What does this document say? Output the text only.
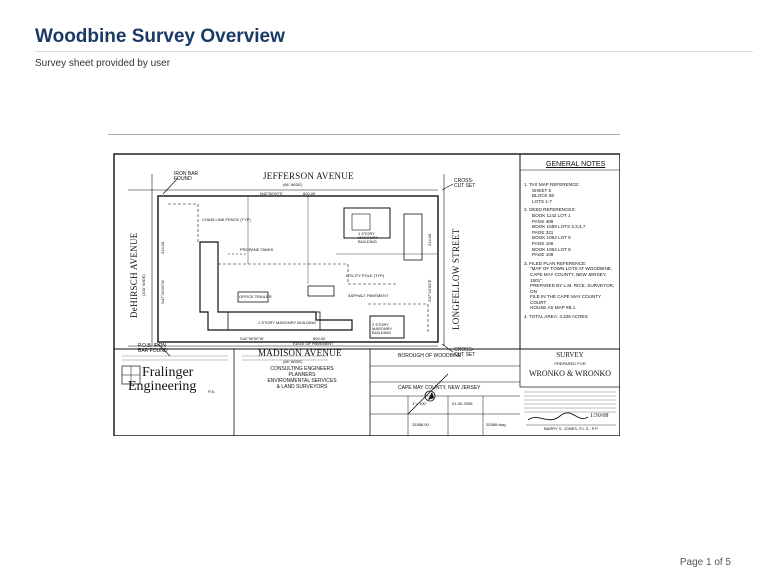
Woodbine Survey Overview
Survey sheet provided by user
JEFFERSON AVENUE
(66' WIDE)
MADISON AVENUE
(66' WIDE)
DeHIRSCH AVENUE (100' WIDE)	LONGFELLOW STREET
IRON BAR FOUND
P.O.B. IRON BAR FOUND
CROSS-CUT SET
CROSS-CUT SET
N42°50'00"E	600.00
S42°50'00"W	600.00
N47°10'00"W
314.00
S47°10'00"E
314.00
EDGE OF PAVEMENT
1 STORY MASONRY BUILDING	2 STORY MASONRY BUILDING
1 STORY MASONRY BUILDING
OFFICE TRAILER
CHAIN LINK FENCE (TYP)
PROPANE TANKS
ASPHALT PAVEMENT
UTILITY POLE (TYP)
GENERAL NOTES
1. TAX MAP REFERENCE:
SHEET 5
BLOCK 68
LOTS 1-7
2. DEED REFERENCES:
BOOK 1142 LOT 1
PAGE 489
BOOK 1559 LOTS 2,3,4,7
PAGE 321
BOOK 1064 LOT 5
PAGE 106
BOOK 1064 LOT 6
PAGE 109
3. FILED PLAN REFERENCE:
"MAP OF TOWN LOTS AT WOODBINE,
CAPE MAY COUNTY, NEW JERSEY, 1901",
PREPARED BY L.M. RICE, SURVEYOR, ON
FILE IN THE CAPE MAY COUNTY COURT
HOUSE AS MAP #B.1.
4. TOTAL AREA: 4.325 ACRES
SURVEY
PREPARED FOR
WRONKO & WRONKO
Fralinger
Engineering	P.A.
CONSULTING ENGINEERS
PLANNERS
ENVIRONMENTAL SERVICES
& LAND SURVEYORS
BOROUGH OF WOODBINE
CAPE MAY COUNTY, NEW JERSEY
1"= 100'	01-30-2008
25388.00	25388.dwg
1/30/08
BARRY S. JONES, P.L.S., P.P.
Page 1 of 5
